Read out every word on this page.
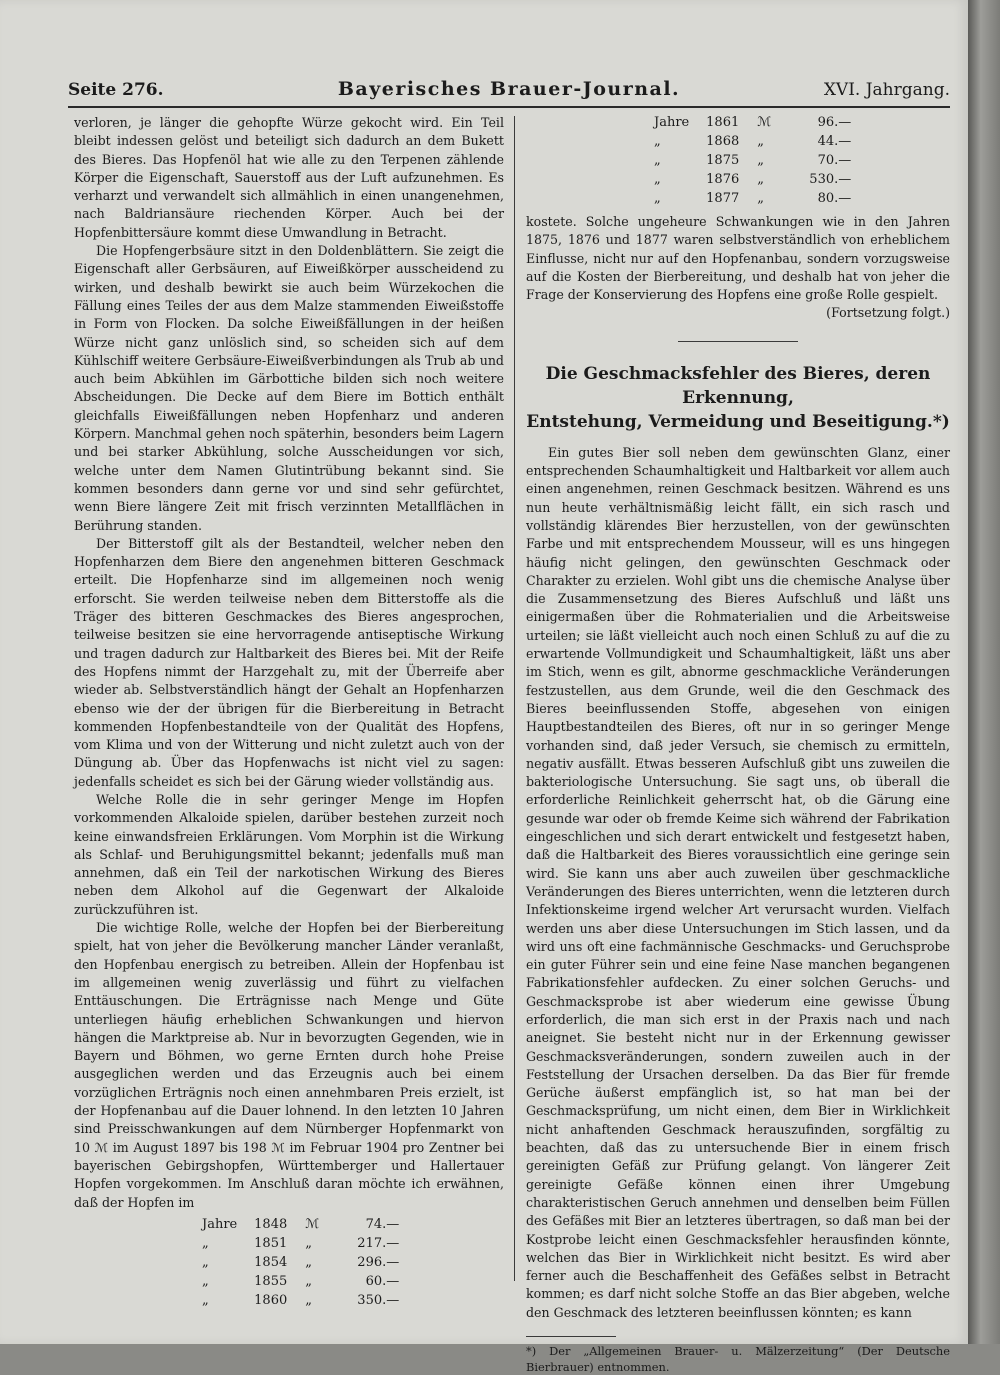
Seite 276.	Bayerisches Brauer-Journal.	XVI. Jahrgang.

verloren, je länger die gehopfte Würze gekocht wird. Ein Teil bleibt indessen gelöst und beteiligt sich dadurch an dem Bukett des Bieres. Das Hopfenöl hat wie alle zu den Terpenen zählende Körper die Eigenschaft, Sauerstoff aus der Luft aufzunehmen. Es verharzt und verwandelt sich allmählich in einen unangenehmen, nach Baldriansäure riechenden Körper. Auch bei der Hopfenbittersäure kommt diese Umwandlung in Betracht.

Die Hopfengerbsäure sitzt in den Doldenblättern. Sie zeigt die Eigenschaft aller Gerbsäuren, auf Eiweißkörper ausscheidend zu wirken, und deshalb bewirkt sie auch beim Würzekochen die Fällung eines Teiles der aus dem Malze stammenden Eiweißstoffe in Form von Flocken. Da solche Eiweißfällungen in der heißen Würze nicht ganz unlöslich sind, so scheiden sich auf dem Kühlschiff weitere Gerbsäure-Eiweißverbindungen als Trub ab und auch beim Abkühlen im Gärbottiche bilden sich noch weitere Abscheidungen. Die Decke auf dem Biere im Bottich enthält gleichfalls Eiweißfällungen neben Hopfenharz und anderen Körpern. Manchmal gehen noch späterhin, besonders beim Lagern und bei starker Abkühlung, solche Ausscheidungen vor sich, welche unter dem Namen Glutintrübung bekannt sind. Sie kommen besonders dann gerne vor und sind sehr gefürchtet, wenn Biere längere Zeit mit frisch verzinnten Metallflächen in Berührung standen.

Der Bitterstoff gilt als der Bestandteil, welcher neben den Hopfenharzen dem Biere den angenehmen bitteren Geschmack erteilt. Die Hopfenharze sind im allgemeinen noch wenig erforscht. Sie werden teilweise neben dem Bitterstoffe als die Träger des bitteren Geschmackes des Bieres angesprochen, teilweise besitzen sie eine hervorragende antiseptische Wirkung und tragen dadurch zur Haltbarkeit des Bieres bei. Mit der Reife des Hopfens nimmt der Harzgehalt zu, mit der Überreife aber wieder ab. Selbstverständlich hängt der Gehalt an Hopfenharzen ebenso wie der der übrigen für die Bierbereitung in Betracht kommenden Hopfenbestandteile von der Qualität des Hopfens, vom Klima und von der Witterung und nicht zuletzt auch von der Düngung ab. Über das Hopfenwachs ist nicht viel zu sagen: jedenfalls scheidet es sich bei der Gärung wieder vollständig aus.

Welche Rolle die in sehr geringer Menge im Hopfen vorkommenden Alkaloide spielen, darüber bestehen zurzeit noch keine einwandsfreien Erklärungen. Vom Morphin ist die Wirkung als Schlaf- und Beruhigungsmittel bekannt; jedenfalls muß man annehmen, daß ein Teil der narkotischen Wirkung des Bieres neben dem Alkohol auf die Gegenwart der Alkaloide zurückzuführen ist.

Die wichtige Rolle, welche der Hopfen bei der Bierbereitung spielt, hat von jeher die Bevölkerung mancher Länder veranlaßt, den Hopfenbau energisch zu betreiben. Allein der Hopfenbau ist im allgemeinen wenig zuverlässig und führt zu vielfachen Enttäuschungen. Die Erträgnisse nach Menge und Güte unterliegen häufig erheblichen Schwankungen und hiervon hängen die Marktpreise ab. Nur in bevorzugten Gegenden, wie in Bayern und Böhmen, wo gerne Ernten durch hohe Preise ausgeglichen werden und das Erzeugnis auch bei einem vorzüglichen Erträgnis noch einen annehmbaren Preis erzielt, ist der Hopfenanbau auf die Dauer lohnend. In den letzten 10 Jahren sind Preisschwankungen auf dem Nürnberger Hopfenmarkt von 10 ℳ im August 1897 bis 198 ℳ im Februar 1904 pro Zentner bei bayerischen Gebirgshopfen, Württemberger und Hallertauer Hopfen vorgekommen. Im Anschluß daran möchte ich erwähnen, daß der Hopfen im

Jahre	1848	ℳ	74.—
„	1851	„	217.—
„	1854	„	296.—
„	1855	„	60.—
„	1860	„	350.—
Jahre	1861	ℳ	96.—
„	1868	„	44.—
„	1875	„	70.—
„	1876	„	530.—
„	1877	„	80.—

kostete. Solche ungeheure Schwankungen wie in den Jahren 1875, 1876 und 1877 waren selbstverständlich von erheblichem Einflusse, nicht nur auf den Hopfenanbau, sondern vorzugsweise auf die Kosten der Bierbereitung, und deshalb hat von jeher die Frage der Konservierung des Hopfens eine große Rolle gespielt.

(Fortsetzung folgt.)

Die Geschmacksfehler des Bieres, deren Erkennung,
Entstehung, Vermeidung und Beseitigung.*)

Ein gutes Bier soll neben dem gewünschten Glanz, einer entsprechenden Schaumhaltigkeit und Haltbarkeit vor allem auch einen angenehmen, reinen Geschmack besitzen. Während es uns nun heute verhältnismäßig leicht fällt, ein sich rasch und vollständig klärendes Bier herzustellen, von der gewünschten Farbe und mit entsprechendem Mousseur, will es uns hingegen häufig nicht gelingen, den gewünschten Geschmack oder Charakter zu erzielen. Wohl gibt uns die chemische Analyse über die Zusammensetzung des Bieres Aufschluß und läßt uns einigermaßen über die Rohmaterialien und die Arbeitsweise urteilen; sie läßt vielleicht auch noch einen Schluß zu auf die zu erwartende Vollmundigkeit und Schaumhaltigkeit, läßt uns aber im Stich, wenn es gilt, abnorme geschmackliche Veränderungen festzustellen, aus dem Grunde, weil die den Geschmack des Bieres beeinflussenden Stoffe, abgesehen von einigen Hauptbestandteilen des Bieres, oft nur in so geringer Menge vorhanden sind, daß jeder Versuch, sie chemisch zu ermitteln, negativ ausfällt. Etwas besseren Aufschluß gibt uns zuweilen die bakteriologische Untersuchung. Sie sagt uns, ob überall die erforderliche Reinlichkeit geherrscht hat, ob die Gärung eine gesunde war oder ob fremde Keime sich während der Fabrikation eingeschlichen und sich derart entwickelt und festgesetzt haben, daß die Haltbarkeit des Bieres voraussichtlich eine geringe sein wird. Sie kann uns aber auch zuweilen über geschmackliche Veränderungen des Bieres unterrichten, wenn die letzteren durch Infektionskeime irgend welcher Art verursacht wurden. Vielfach werden uns aber diese Untersuchungen im Stich lassen, und da wird uns oft eine fachmännische Geschmacks- und Geruchsprobe ein guter Führer sein und eine feine Nase manchen begangenen Fabrikationsfehler aufdecken. Zu einer solchen Geruchs- und Geschmacksprobe ist aber wiederum eine gewisse Übung erforderlich, die man sich erst in der Praxis nach und nach aneignet. Sie besteht nicht nur in der Erkennung gewisser Geschmacksveränderungen, sondern zuweilen auch in der Feststellung der Ursachen derselben. Da das Bier für fremde Gerüche äußerst empfänglich ist, so hat man bei der Geschmacksprüfung, um nicht einen, dem Bier in Wirklichkeit nicht anhaftenden Geschmack herauszufinden, sorgfältig zu beachten, daß das zu untersuchende Bier in einem frisch gereinigten Gefäß zur Prüfung gelangt. Von längerer Zeit gereinigte Gefäße können einen ihrer Umgebung charakteristischen Geruch annehmen und denselben beim Füllen des Gefäßes mit Bier an letzteres übertragen, so daß man bei der Kostprobe leicht einen Geschmacksfehler herausfinden könnte, welchen das Bier in Wirklichkeit nicht besitzt. Es wird aber ferner auch die Beschaffenheit des Gefäßes selbst in Betracht kommen; es darf nicht solche Stoffe an das Bier abgeben, welche den Geschmack des letzteren beeinflussen könnten; es kann

*) Der „Allgemeinen Brauer- u. Mälzerzeitung“ (Der Deutsche Bierbrauer) entnommen.
